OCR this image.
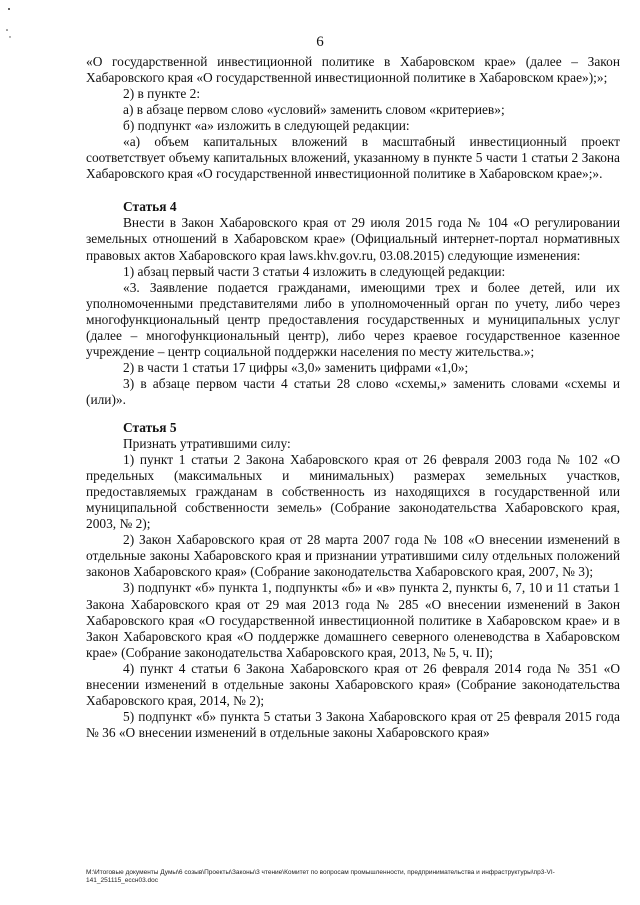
6

«О государственной инвестиционной политике в Хабаровском крае» (далее – Закон Хабаровского края «О государственной инвестиционной политике в Хабаровском крае»);»;

2) в пункте 2:

а) в абзаце первом слово «условий» заменить словом «критериев»;

б) подпункт «а» изложить в следующей редакции:

«а) объем капитальных вложений в масштабный инвестиционный проект соответствует объему капитальных вложений, указанному в пункте 5 части 1 статьи 2 Закона Хабаровского края «О государственной инвестиционной политике в Хабаровском крае»;».

Статья 4

Внести в Закон Хабаровского края от 29 июля 2015 года № 104 «О регулировании земельных отношений в Хабаровском крае» (Официальный интернет-портал нормативных правовых актов Хабаровского края laws.khv.gov.ru, 03.08.2015) следующие изменения:

1) абзац первый части 3 статьи 4 изложить в следующей редакции:

«3. Заявление подается гражданами, имеющими трех и более детей, или их уполномоченными представителями либо в уполномоченный орган по учету, либо через многофункциональный центр предоставления государственных и муниципальных услуг (далее – многофункциональный центр), либо через краевое государственное казенное учреждение – центр социальной поддержки населения по месту жительства.»;

2) в части 1 статьи 17 цифры «3,0» заменить цифрами «1,0»;

3) в абзаце первом части 4 статьи 28 слово «схемы,» заменить словами «схемы и (или)».

Статья 5

Признать утратившими силу:

1) пункт 1 статьи 2 Закона Хабаровского края от 26 февраля 2003 года № 102 «О предельных (максимальных и минимальных) размерах земельных участков, предоставляемых гражданам в собственность из находящихся в государственной или муниципальной собственности земель» (Собрание законодательства Хабаровского края, 2003, № 2);

2) Закон Хабаровского края от 28 марта 2007 года № 108 «О внесении изменений в отдельные законы Хабаровского края и признании утратившими силу отдельных положений законов Хабаровского края» (Собрание законодательства Хабаровского края, 2007, № 3);

3) подпункт «б» пункта 1, подпункты «б» и «в» пункта 2, пункты 6, 7, 10 и 11 статьи 1 Закона Хабаровского края от 29 мая 2013 года № 285 «О внесении изменений в Закон Хабаровского края «О государственной инвестиционной политике в Хабаровском крае» и в Закон Хабаровского края «О поддержке домашнего северного оленеводства в Хабаровском крае» (Собрание законодательства Хабаровского края, 2013, № 5, ч. II);

4) пункт 4 статьи 6 Закона Хабаровского края от 26 февраля 2014 года № 351 «О внесении изменений в отдельные законы Хабаровского края» (Собрание законодательства Хабаровского края, 2014, № 2);

5) подпункт «б» пункта 5 статьи 3 Закона Хабаровского края от 25 февраля 2015 года № 36 «О внесении изменений в отдельные законы Хабаровского края»

M:\Итоговые документы Думы\6 созыв\Проекты\Законы\3 чтение\Комитет по вопросам промышленности, предпринимательства и инфраструктуры\пр3-VI-
141_251115_ессн03.doc
